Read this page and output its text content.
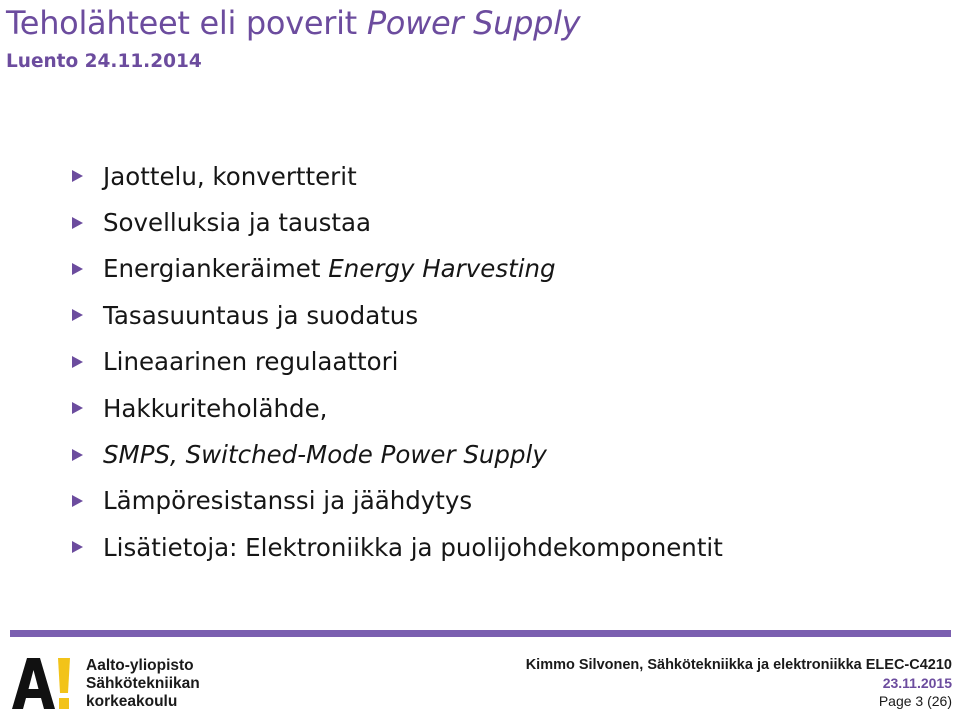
Teholähteet eli poverit Power Supply
Luento 24.11.2014
Jaottelu, konvertterit
Sovelluksia ja taustaa
Energiankeräimet Energy Harvesting
Tasasuuntaus ja suodatus
Lineaarinen regulaattori
Hakkuriteholähde,
SMPS, Switched-Mode Power Supply
Lämpöresistanssi ja jäähdytys
Lisätietoja: Elektroniikka ja puolijohdekomponentit
Aalto-yliopisto
Sähkötekniikan
korkeakoulu
Kimmo Silvonen, Sähkötekniikka ja elektroniikka ELEC-C4210
23.11.2015
Page 3 (26)
